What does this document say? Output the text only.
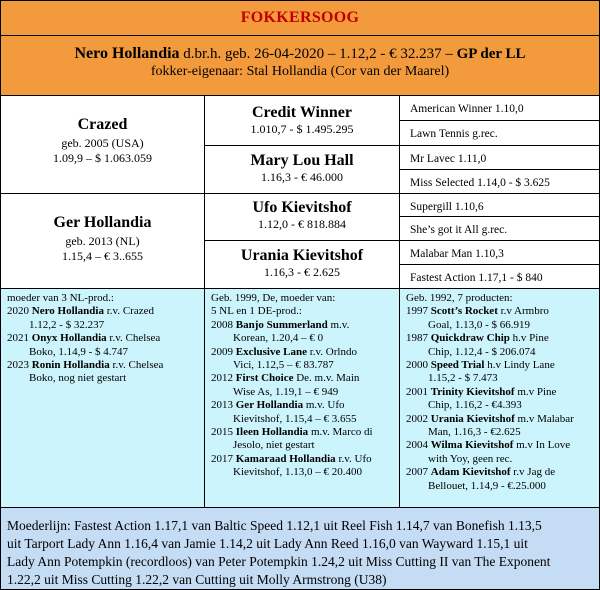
FOKKERSOOG
Nero Hollandia d.br.h. geb. 26-04-2020 – 1.12,2 - € 32.237 – GP der LL
fokker-eigenaar: Stal Hollandia (Cor van der Maarel)
Crazed
geb. 2005 (USA)
1.09,9 – $ 1.063.059
Credit Winner
1.010,7 - $ 1.495.295
Mary Lou Hall
1.16,3 - € 46.000
American Winner 1.10,0
Lawn Tennis g.rec.
Mr Lavec 1.11,0
Miss Selected 1.14,0 - $ 3.625
Ger Hollandia
geb. 2013 (NL)
1.15,4 – € 3..655
Ufo Kievitshof
1.12,0 - € 818.884
Urania Kievitshof
1.16,3 - € 2.625
Supergill 1.10,6
She’s got it All g.rec.
Malabar Man 1.10,3
Fastest Action 1.17,1 - $ 840

moeder van 3 NL-prod.:

2020 Nero Hollandia r.v. Crazed

1.12,2 - $ 32.237

2021 Onyx Hollandia r.v. Chelsea

Boko, 1.14,9 - $ 4.747

2023 Ronin Hollandia r.v. Chelsea

Boko, nog niet gestart

Geb. 1999, De, moeder van:

5 NL en 1 DE-prod.:

2008 Banjo Summerland m.v.

Korean, 1.20,4 – € 0

2009 Exclusive Lane r.v. Orlndo

Vici, 1.12,5 – € 83.787

2012 First Choice De. m.v. Main

Wise As, 1.19,1 – € 949

2013 Ger Hollandia m.v. Ufo

Kievitshof, 1.15,4 – € 3.655

2015 Ileen Hollandia m.v. Marco di

Jesolo, niet gestart

2017 Kamaraad Hollandia r.v. Ufo

Kievitshof, 1.13,0 – € 20.400

Geb. 1992, 7 producten:

1997 Scott’s Rocket r.v Armbro

Goal, 1.13,0 - $ 66.919

1987 Quickdraw Chip h.v Pine

Chip, 1.12,4 - $ 206.074

2000 Speed Trial h.v Lindy Lane

1.15,2 - $ 7.473

2001 Trinity Kievitshof m.v Pine

Chip, 1.16,2 - €4.393

2002 Urania Kievitshof m.v Malabar

Man, 1.16,3 - €2.625

2004 Wilma Kievitshof m.v In Love

with Yoy, geen rec.

2007 Adam Kievitshof r.v Jag de

Bellouet, 1.14,9 - €.25.000

Moederlijn: Fastest Action 1.17,1 van Baltic Speed 1.12,1 uit Reel Fish 1.14,7 van Bonefish 1.13,5
uit Tarport Lady Ann 1.16,4 van Jamie 1.14,2 uit Lady Ann Reed 1.16,0 van Wayward 1.15,1 uit
Lady Ann Potempkin (recordloos) van Peter Potempkin 1.24,2 uit Miss Cutting II van The Exponent
1.22,2 uit Miss Cutting 1.22,2 van Cutting uit Molly Armstrong (U38)
